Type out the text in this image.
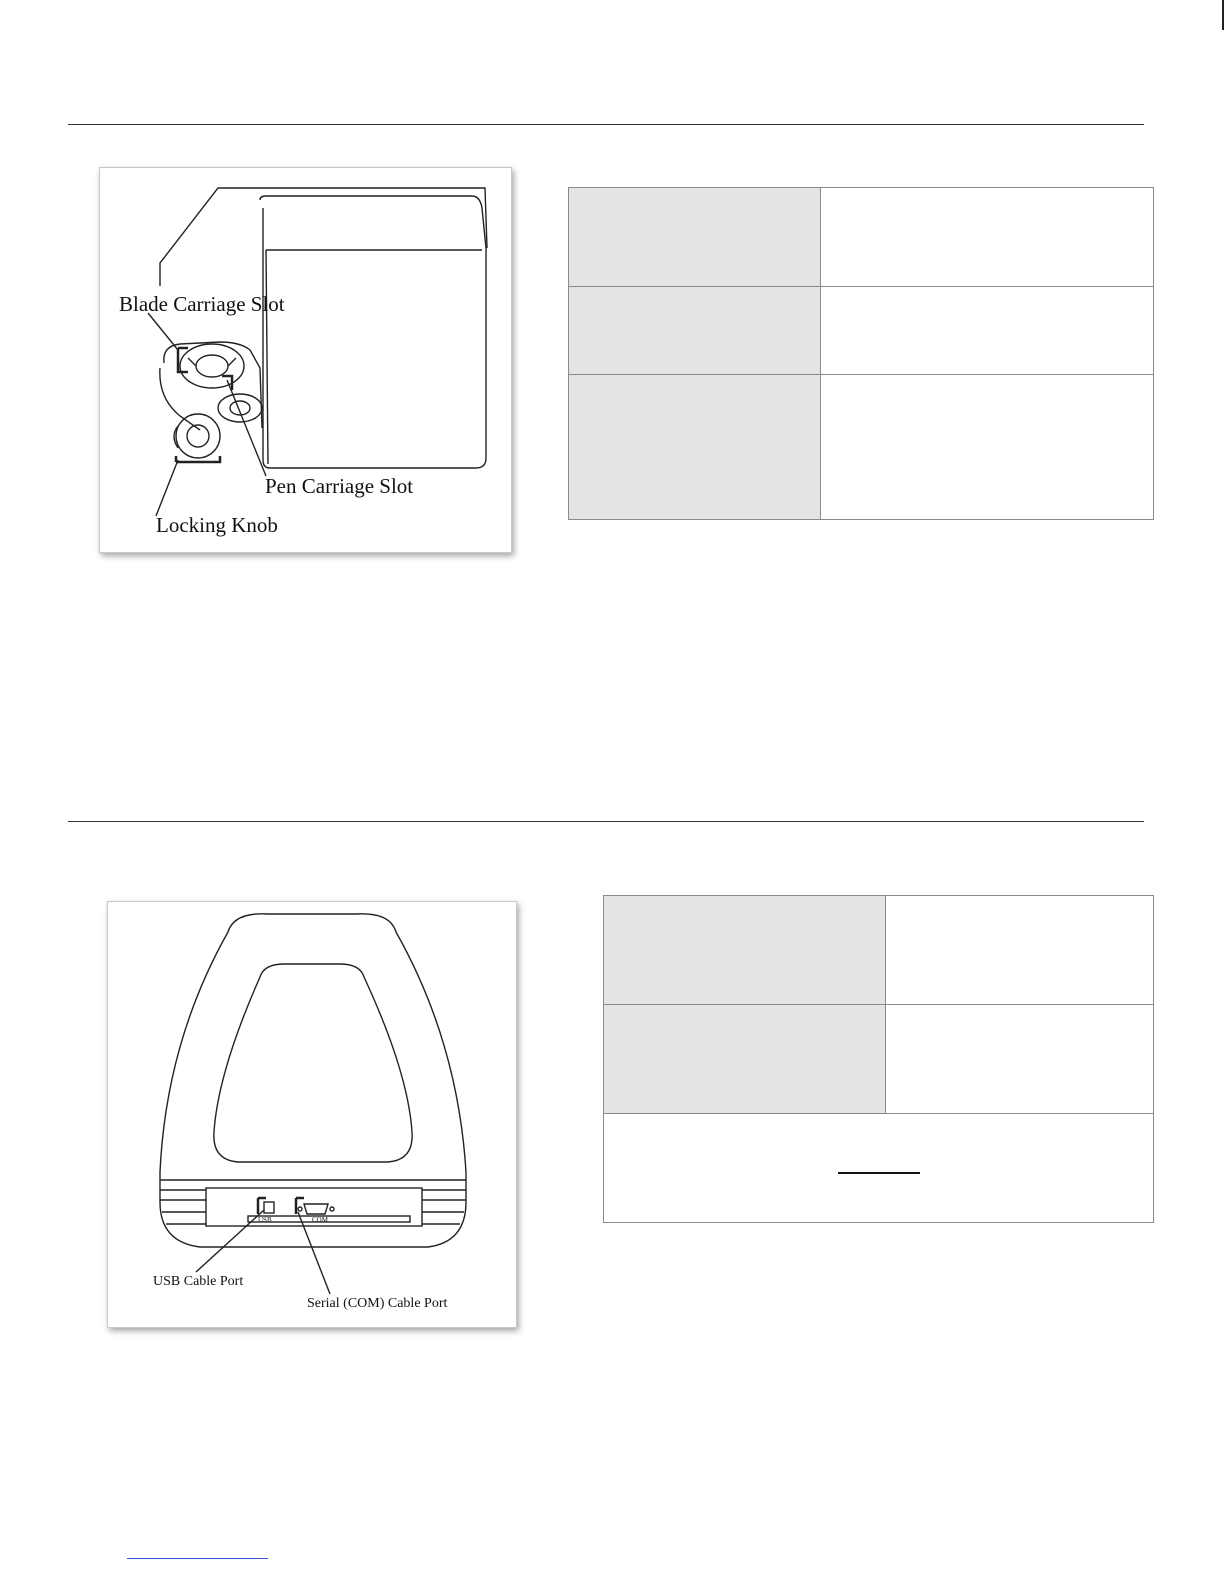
Blade Carriage Slot
Pen Carriage Slot
Locking Knob

USB	COM
USB Cable Port
Serial (COM) Cable Port
